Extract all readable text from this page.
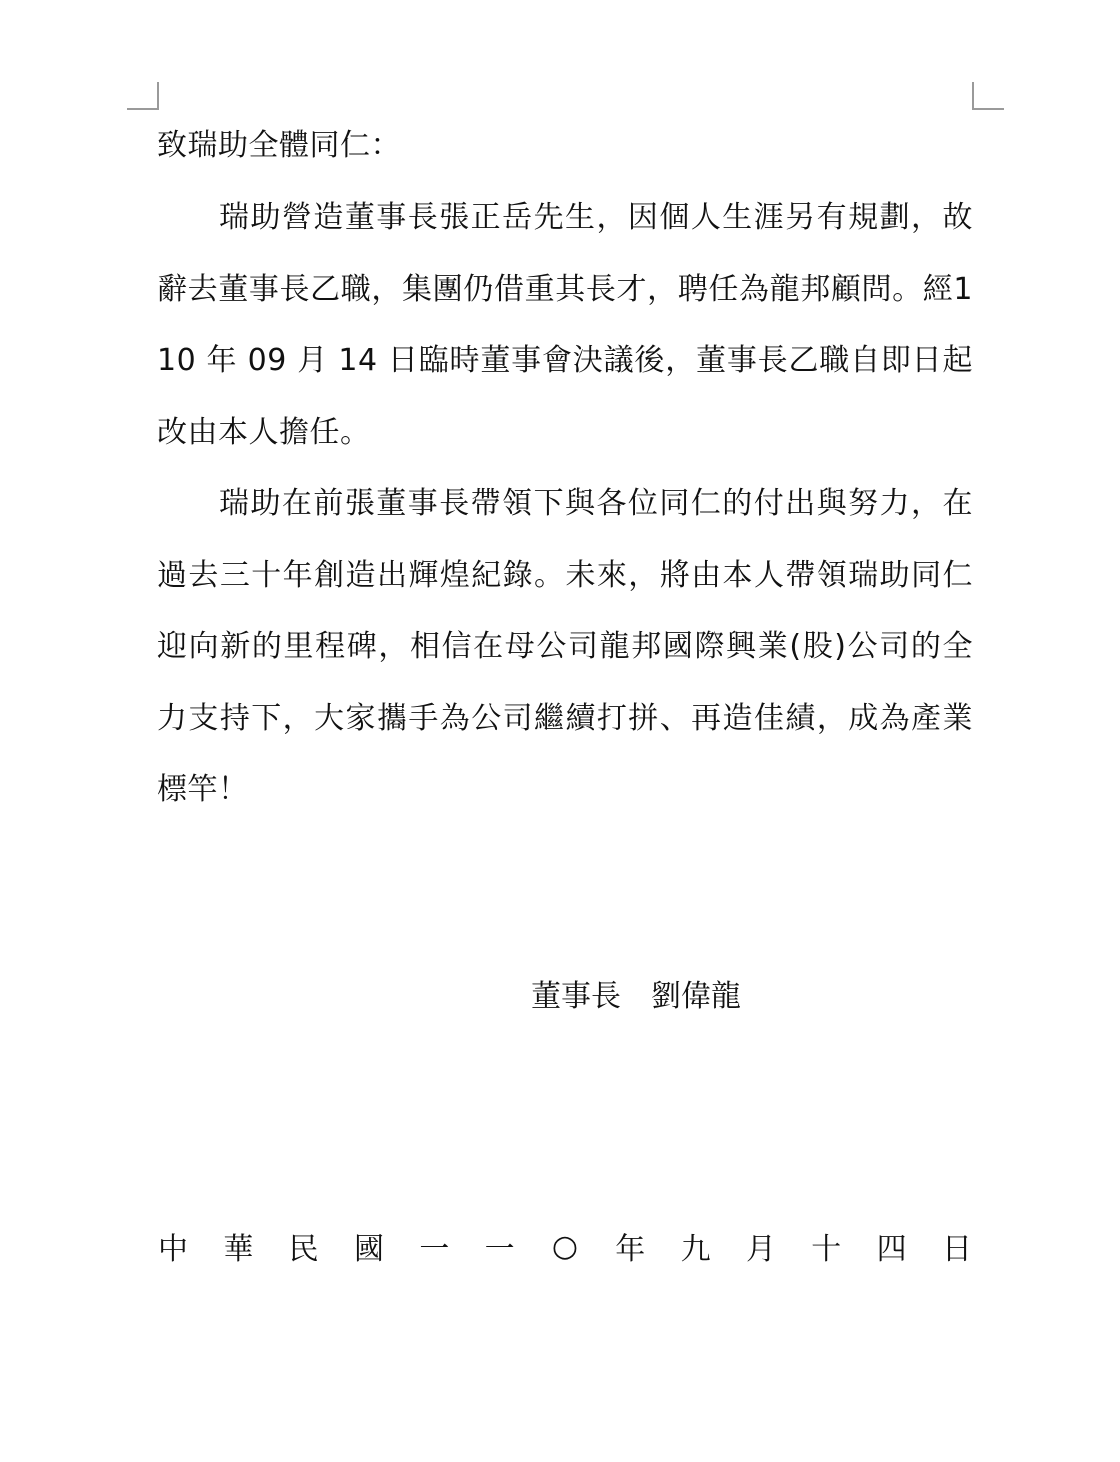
致瑞助全體同仁：

瑞助營造董事長張正岳先生，因個人生涯另有規劃，故辭去董事長乙職，集團仍借重其長才，聘任為龍邦顧問。經110 年 09 月 14 日臨時董事會決議後，董事長乙職自即日起改由本人擔任。

瑞助在前張董事長帶領下與各位同仁的付出與努力，在過去三十年創造出輝煌紀錄。未來，將由本人帶領瑞助同仁迎向新的里程碑，相信在母公司龍邦國際興業(股)公司的全力支持下，大家攜手為公司繼續打拼、再造佳績，成為產業標竿！

董事長 劉偉龍
中 華 民 國 一 一 ○ 年 九 月 十 四 日
